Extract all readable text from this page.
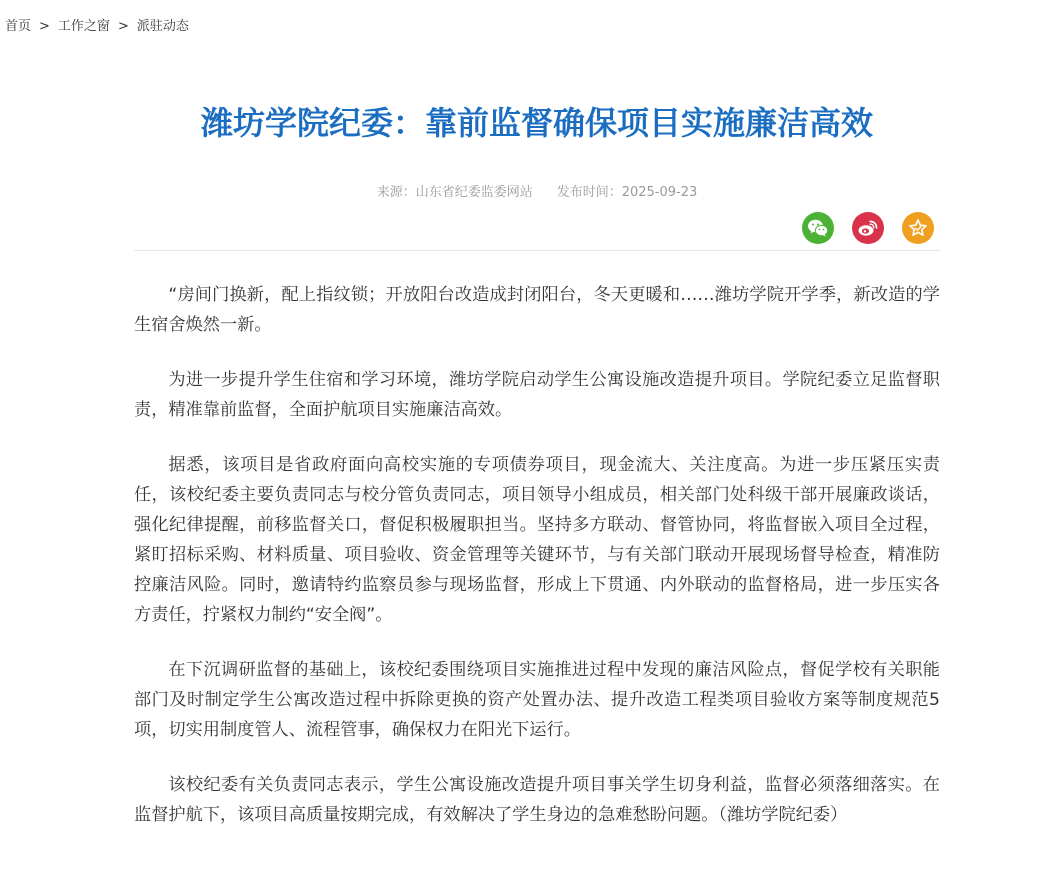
首页 > 工作之窗 > 派驻动态
潍坊学院纪委：靠前监督确保项目实施廉洁高效
来源：山东省纪委监委网站 发布时间：2025-09-23

“房间门换新，配上指纹锁；开放阳台改造成封闭阳台，冬天更暖和……潍坊学院开学季，新改造的学生宿舍焕然一新。

为进一步提升学生住宿和学习环境，潍坊学院启动学生公寓设施改造提升项目。学院纪委立足监督职责，精准靠前监督，全面护航项目实施廉洁高效。

据悉，该项目是省政府面向高校实施的专项债券项目，现金流大、关注度高。为进一步压紧压实责任，该校纪委主要负责同志与校分管负责同志，项目领导小组成员，相关部门处科级干部开展廉政谈话，强化纪律提醒，前移监督关口，督促积极履职担当。坚持多方联动、督管协同，将监督嵌入项目全过程，紧盯招标采购、材料质量、项目验收、资金管理等关键环节，与有关部门联动开展现场督导检查，精准防控廉洁风险。同时，邀请特约监察员参与现场监督，形成上下贯通、内外联动的监督格局，进一步压实各方责任，拧紧权力制约“安全阀”。

在下沉调研监督的基础上，该校纪委围绕项目实施推进过程中发现的廉洁风险点，督促学校有关职能部门及时制定学生公寓改造过程中拆除更换的资产处置办法、提升改造工程类项目验收方案等制度规范5项，切实用制度管人、流程管事，确保权力在阳光下运行。

该校纪委有关负责同志表示，学生公寓设施改造提升项目事关学生切身利益，监督必须落细落实。在监督护航下，该项目高质量按期完成，有效解决了学生身边的急难愁盼问题。（潍坊学院纪委）
